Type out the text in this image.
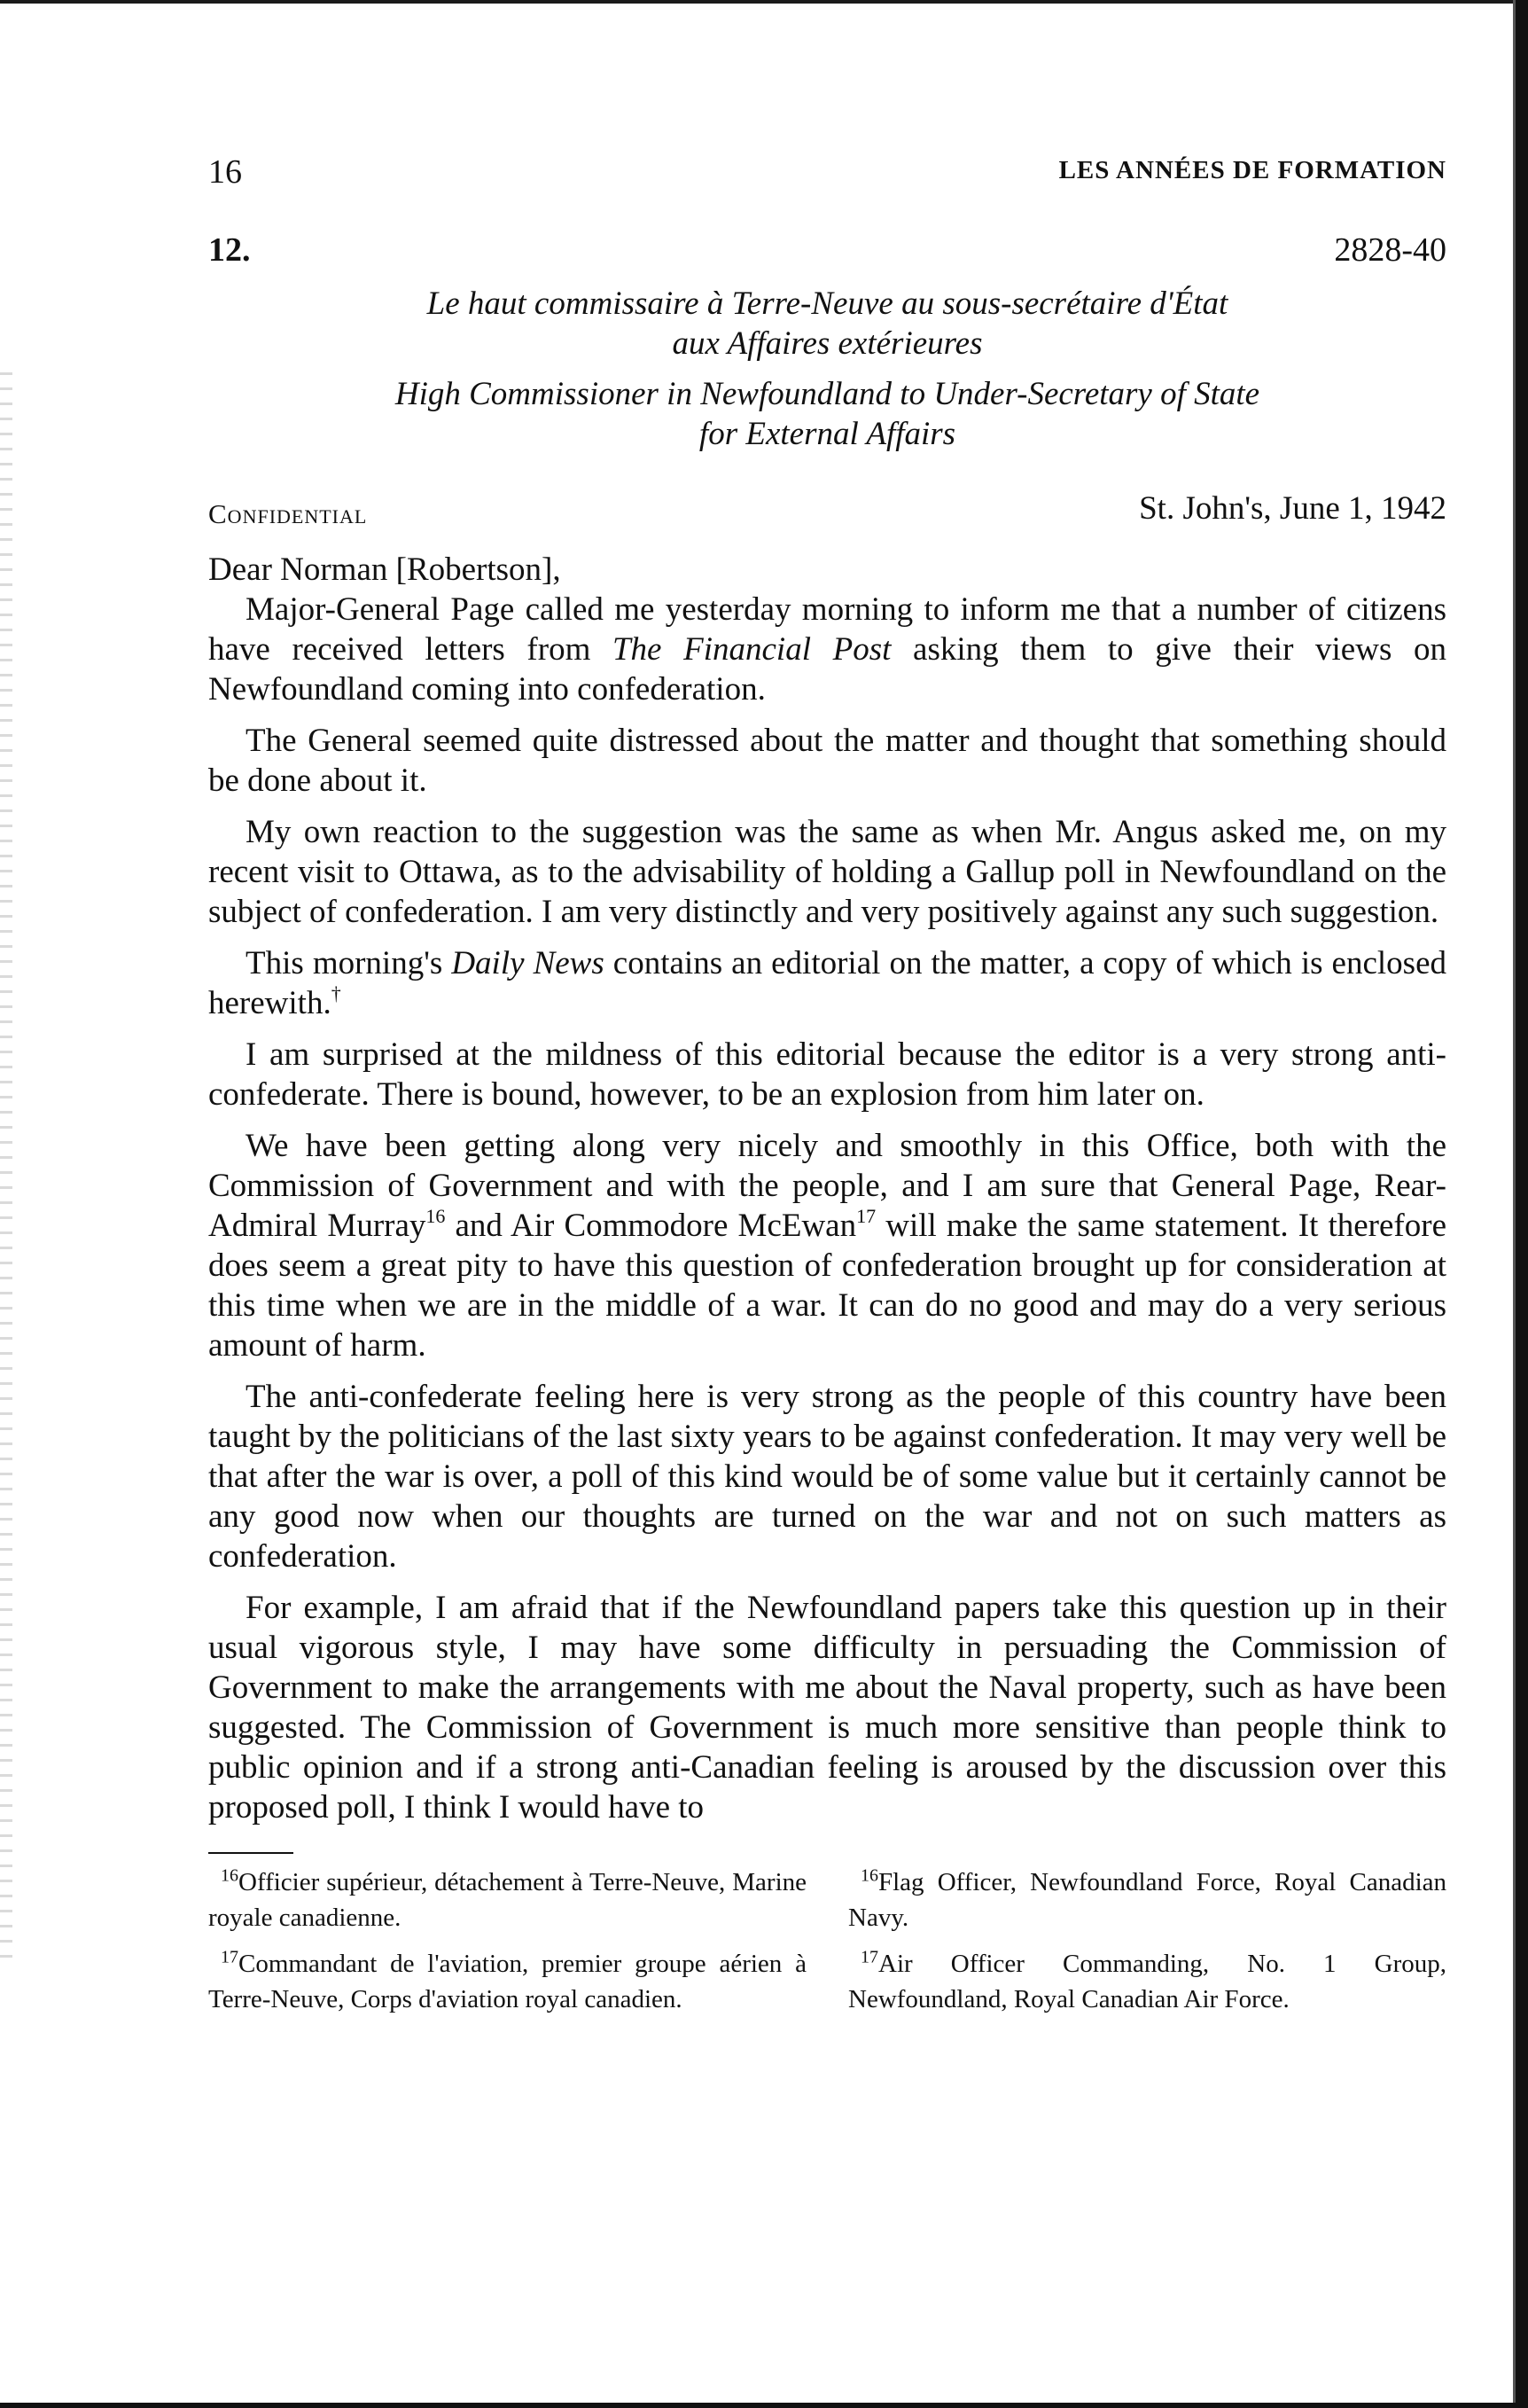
16	LES ANNÉES DE FORMATION
12.	2828-40
Le haut commissaire à Terre-Neuve au sous-secrétaire d'État
aux Affaires extérieures
High Commissioner in Newfoundland to Under-Secretary of State
for External Affairs
Confidential	St. John's, June 1, 1942
Dear Norman [Robertson],

Major-General Page called me yesterday morning to inform me that a number of citizens have received letters from The Financial Post asking them to give their views on Newfoundland coming into confederation.

The General seemed quite distressed about the matter and thought that something should be done about it.

My own reaction to the suggestion was the same as when Mr. Angus asked me, on my recent visit to Ottawa, as to the advisability of holding a Gallup poll in Newfoundland on the subject of confederation. I am very distinctly and very positively against any such suggestion.

This morning's Daily News contains an editorial on the matter, a copy of which is enclosed herewith.†

I am surprised at the mildness of this editorial because the editor is a very strong anti-confederate. There is bound, however, to be an explosion from him later on.

We have been getting along very nicely and smoothly in this Office, both with the Commission of Government and with the people, and I am sure that General Page, Rear-Admiral Murray$^{16}$ and Air Commodore McEwan$^{17}$ will make the same statement. It therefore does seem a great pity to have this question of confederation brought up for consideration at this time when we are in the middle of a war. It can do no good and may do a very serious amount of harm.

The anti-confederate feeling here is very strong as the people of this country have been taught by the politicians of the last sixty years to be against confederation. It may very well be that after the war is over, a poll of this kind would be of some value but it certainly cannot be any good now when our thoughts are turned on the war and not on such matters as confederation.

For example, I am afraid that if the Newfoundland papers take this question up in their usual vigorous style, I may have some difficulty in persuading the Commission of Government to make the arrangements with me about the Naval property, such as have been suggested. The Commission of Government is much more sensitive than people think to public opinion and if a strong anti-Canadian feeling is aroused by the discussion over this proposed poll, I think I would have to

$^{16}$Officier supérieur, détachement à Terre-Neuve, Marine royale canadienne.

$^{17}$Commandant de l'aviation, premier groupe aérien à Terre-Neuve, Corps d'aviation royal canadien.

$^{16}$Flag Officer, Newfoundland Force, Royal Canadian Navy.

$^{17}$Air Officer Commanding, No. 1 Group, Newfoundland, Royal Canadian Air Force.
